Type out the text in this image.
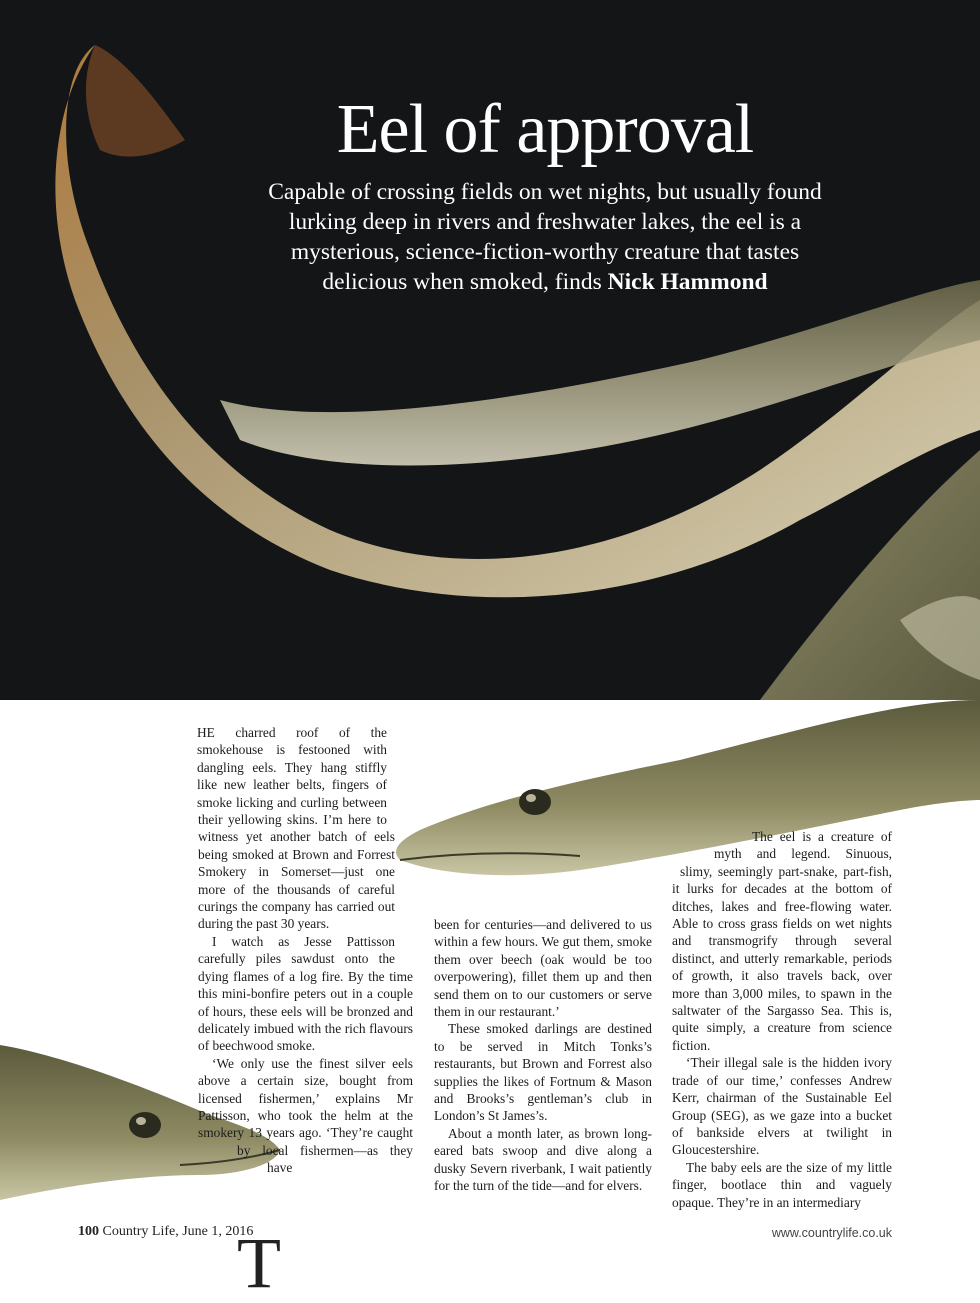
Eel of approval
Capable of crossing fields on wet nights, but usually found lurking deep in rivers and freshwater lakes, the eel is a mysterious, science-fiction-worthy creature that tastes delicious when smoked, finds Nick Hammond
T

HE charred roof of the smokehouse is festooned with dangling eels. They hang stiffly like new leather belts, fingers of smoke licking and curling between their yellowing skins. I’m here to witness yet another batch of eels being smoked at Brown and Forrest Smokery in Somerset—just one more of the thousands of careful curings the company has carried out during the past 30 years.

I watch as Jesse Pattisson carefully piles sawdust onto the dying flames of a log fire. By the time this mini-bonfire peters out in a couple of hours, these eels will be bronzed and delicately imbued with the rich flavours of beechwood smoke.

‘We only use the finest silver eels above a certain size, bought from licensed fishermen,’ explains Mr Pattisson, who took the helm at the smokery 13 years ago. ‘They’re caught by local fishermen—as they have

been for centuries—and delivered to us within a few hours. We gut them, smoke them over beech (oak would be too overpowering), fillet them up and then send them on to our customers or serve them in our restaurant.’

These smoked darlings are destined to be served in Mitch Tonks’s restaurants, but Brown and Forrest also supplies the likes of Fortnum & Mason and Brooks’s gentleman’s club in London’s St James’s.

About a month later, as brown long-eared bats swoop and dive along a dusky Severn riverbank, I wait patiently for the turn of the tide—and for elvers.

The eel is a creature of myth and legend. Sinuous, slimy, seemingly part-snake, part-fish, it lurks for decades at the bottom of ditches, lakes and free-flowing water. Able to cross grass fields on wet nights and transmogrify through several distinct, and utterly remarkable, periods of growth, it also travels back, over more than 3,000 miles, to spawn in the saltwater of the Sargasso Sea. This is, quite simply, a creature from science fiction.

‘Their illegal sale is the hidden ivory trade of our time,’ confesses Andrew Kerr, chairman of the Sustainable Eel Group (SEG), as we gaze into a bucket of bankside elvers at twilight in Gloucestershire.

The baby eels are the size of my little finger, bootlace thin and vaguely opaque. They’re in an intermediary

100 Country Life, June 1, 2016	www.countrylife.co.uk
